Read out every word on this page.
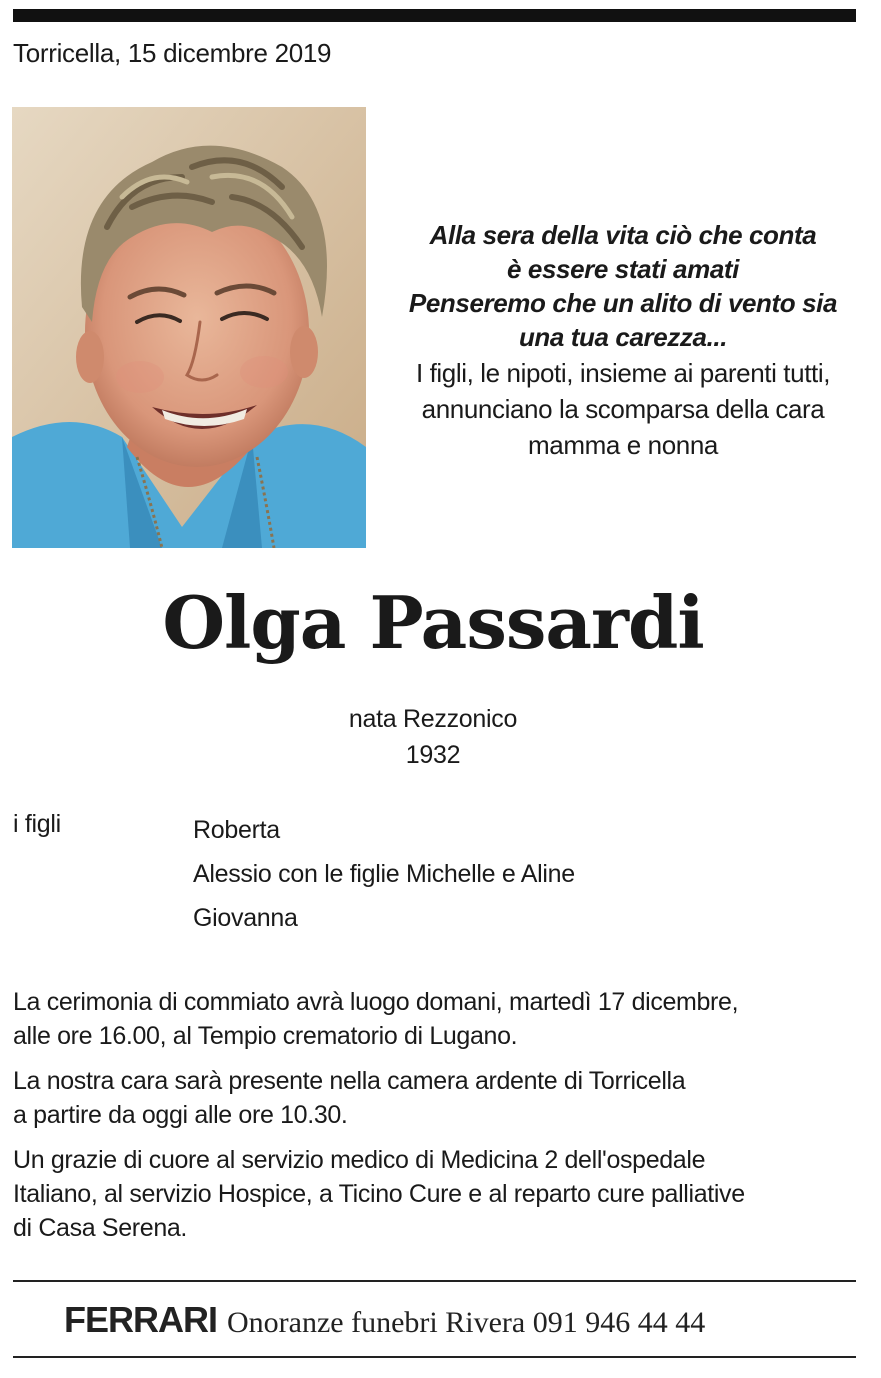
Torricella, 15 dicembre 2019
Alla sera della vita ciò che conta
è essere stati amati
Penseremo che un alito di vento sia
una tua carezza...
I figli, le nipoti, insieme ai parenti tutti,
annunciano la scomparsa della cara
mamma e nonna
Olga Passardi
nata Rezzonico
1932
i figli	Roberta
Alessio con le figlie Michelle e Aline
Giovanna
La cerimonia di commiato avrà luogo domani, martedì 17 dicembre,
alle ore 16.00, al Tempio crematorio di Lugano.
La nostra cara sarà presente nella camera ardente di Torricella
a partire da oggi alle ore 10.30.
Un grazie di cuore al servizio medico di Medicina 2 dell'ospedale
Italiano, al servizio Hospice, a Ticino Cure e al reparto cure palliative
di Casa Serena.
FERRARI Onoranze funebri Rivera 091 946 44 44
